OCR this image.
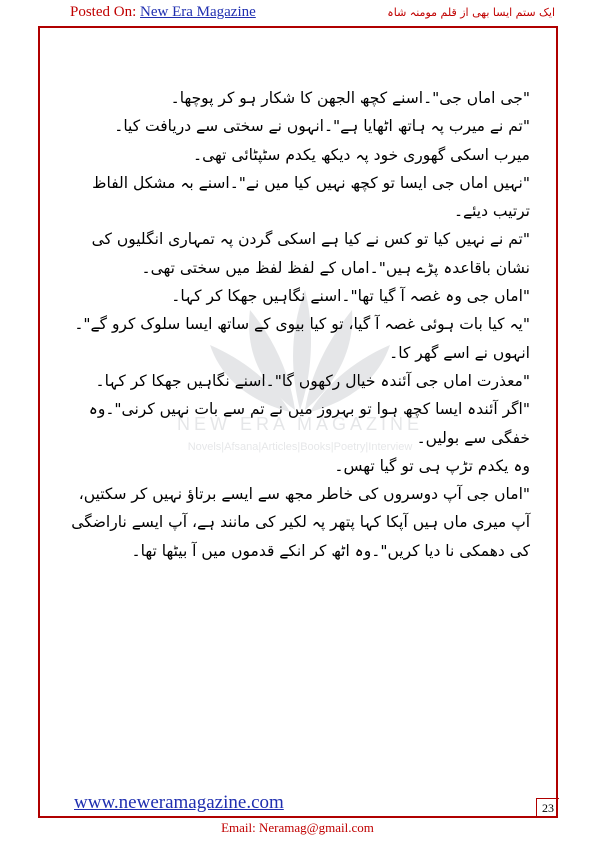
Posted On: New Era Magazine	ایک ستم ایسا بھی از قلم مومنہ شاہ
NEW ERA MAGAZINE
Novels|Afsana|Articles|Books|Poetry|Interview

"جی اماں جی"۔اسنے کچھ الجھن کا شکار ہو کر پوچھا۔

"تم نے میرب پہ ہاتھ اٹھایا ہے"۔انہوں نے سختی سے دریافت کیا۔

میرب اسکی گھوری خود پہ دیکھ یکدم سٹپٹائی تھی۔

"نہیں اماں جی ایسا تو کچھ نہیں کیا میں نے"۔اسنے بہ مشکل الفاظ ترتیب دیئے۔

"تم نے نہیں کیا تو کس نے کیا ہے اسکی گردن پہ تمہاری انگلیوں کی نشان باقاعدہ پڑے ہیں"۔اماں کے لفظ لفظ میں سختی تھی۔

"اماں جی وہ غصہ آ گیا تھا"۔اسنے نگاہیں جھکا کر کہا۔

"یہ کیا بات ہوئی غصہ آ گیا، تو کیا بیوی کے ساتھ ایسا سلوک کرو گے"۔انہوں نے اسے گھر کا۔

"معذرت اماں جی آئندہ خیال رکھوں گا"۔اسنے نگاہیں جھکا کر کہا۔

"اگر آئندہ ایسا کچھ ہوا تو بہروز میں نے تم سے بات نہیں کرنی"۔وہ خفگی سے بولیں۔

وہ یکدم تڑپ ہی تو گیا تھس۔

"اماں جی آپ دوسروں کی خاطر مجھ سے ایسے برتاؤ نہیں کر سکتیں، آپ میری ماں ہیں آپکا کہا پتھر پہ لکیر کی مانند ہے، آپ ایسے ناراضگی کی دھمکی نا دیا کریں"۔وہ اٹھ کر انکے قدموں میں آ بیٹھا تھا۔

www.neweramagazine.com	23
Email: Neramag@gmail.com
